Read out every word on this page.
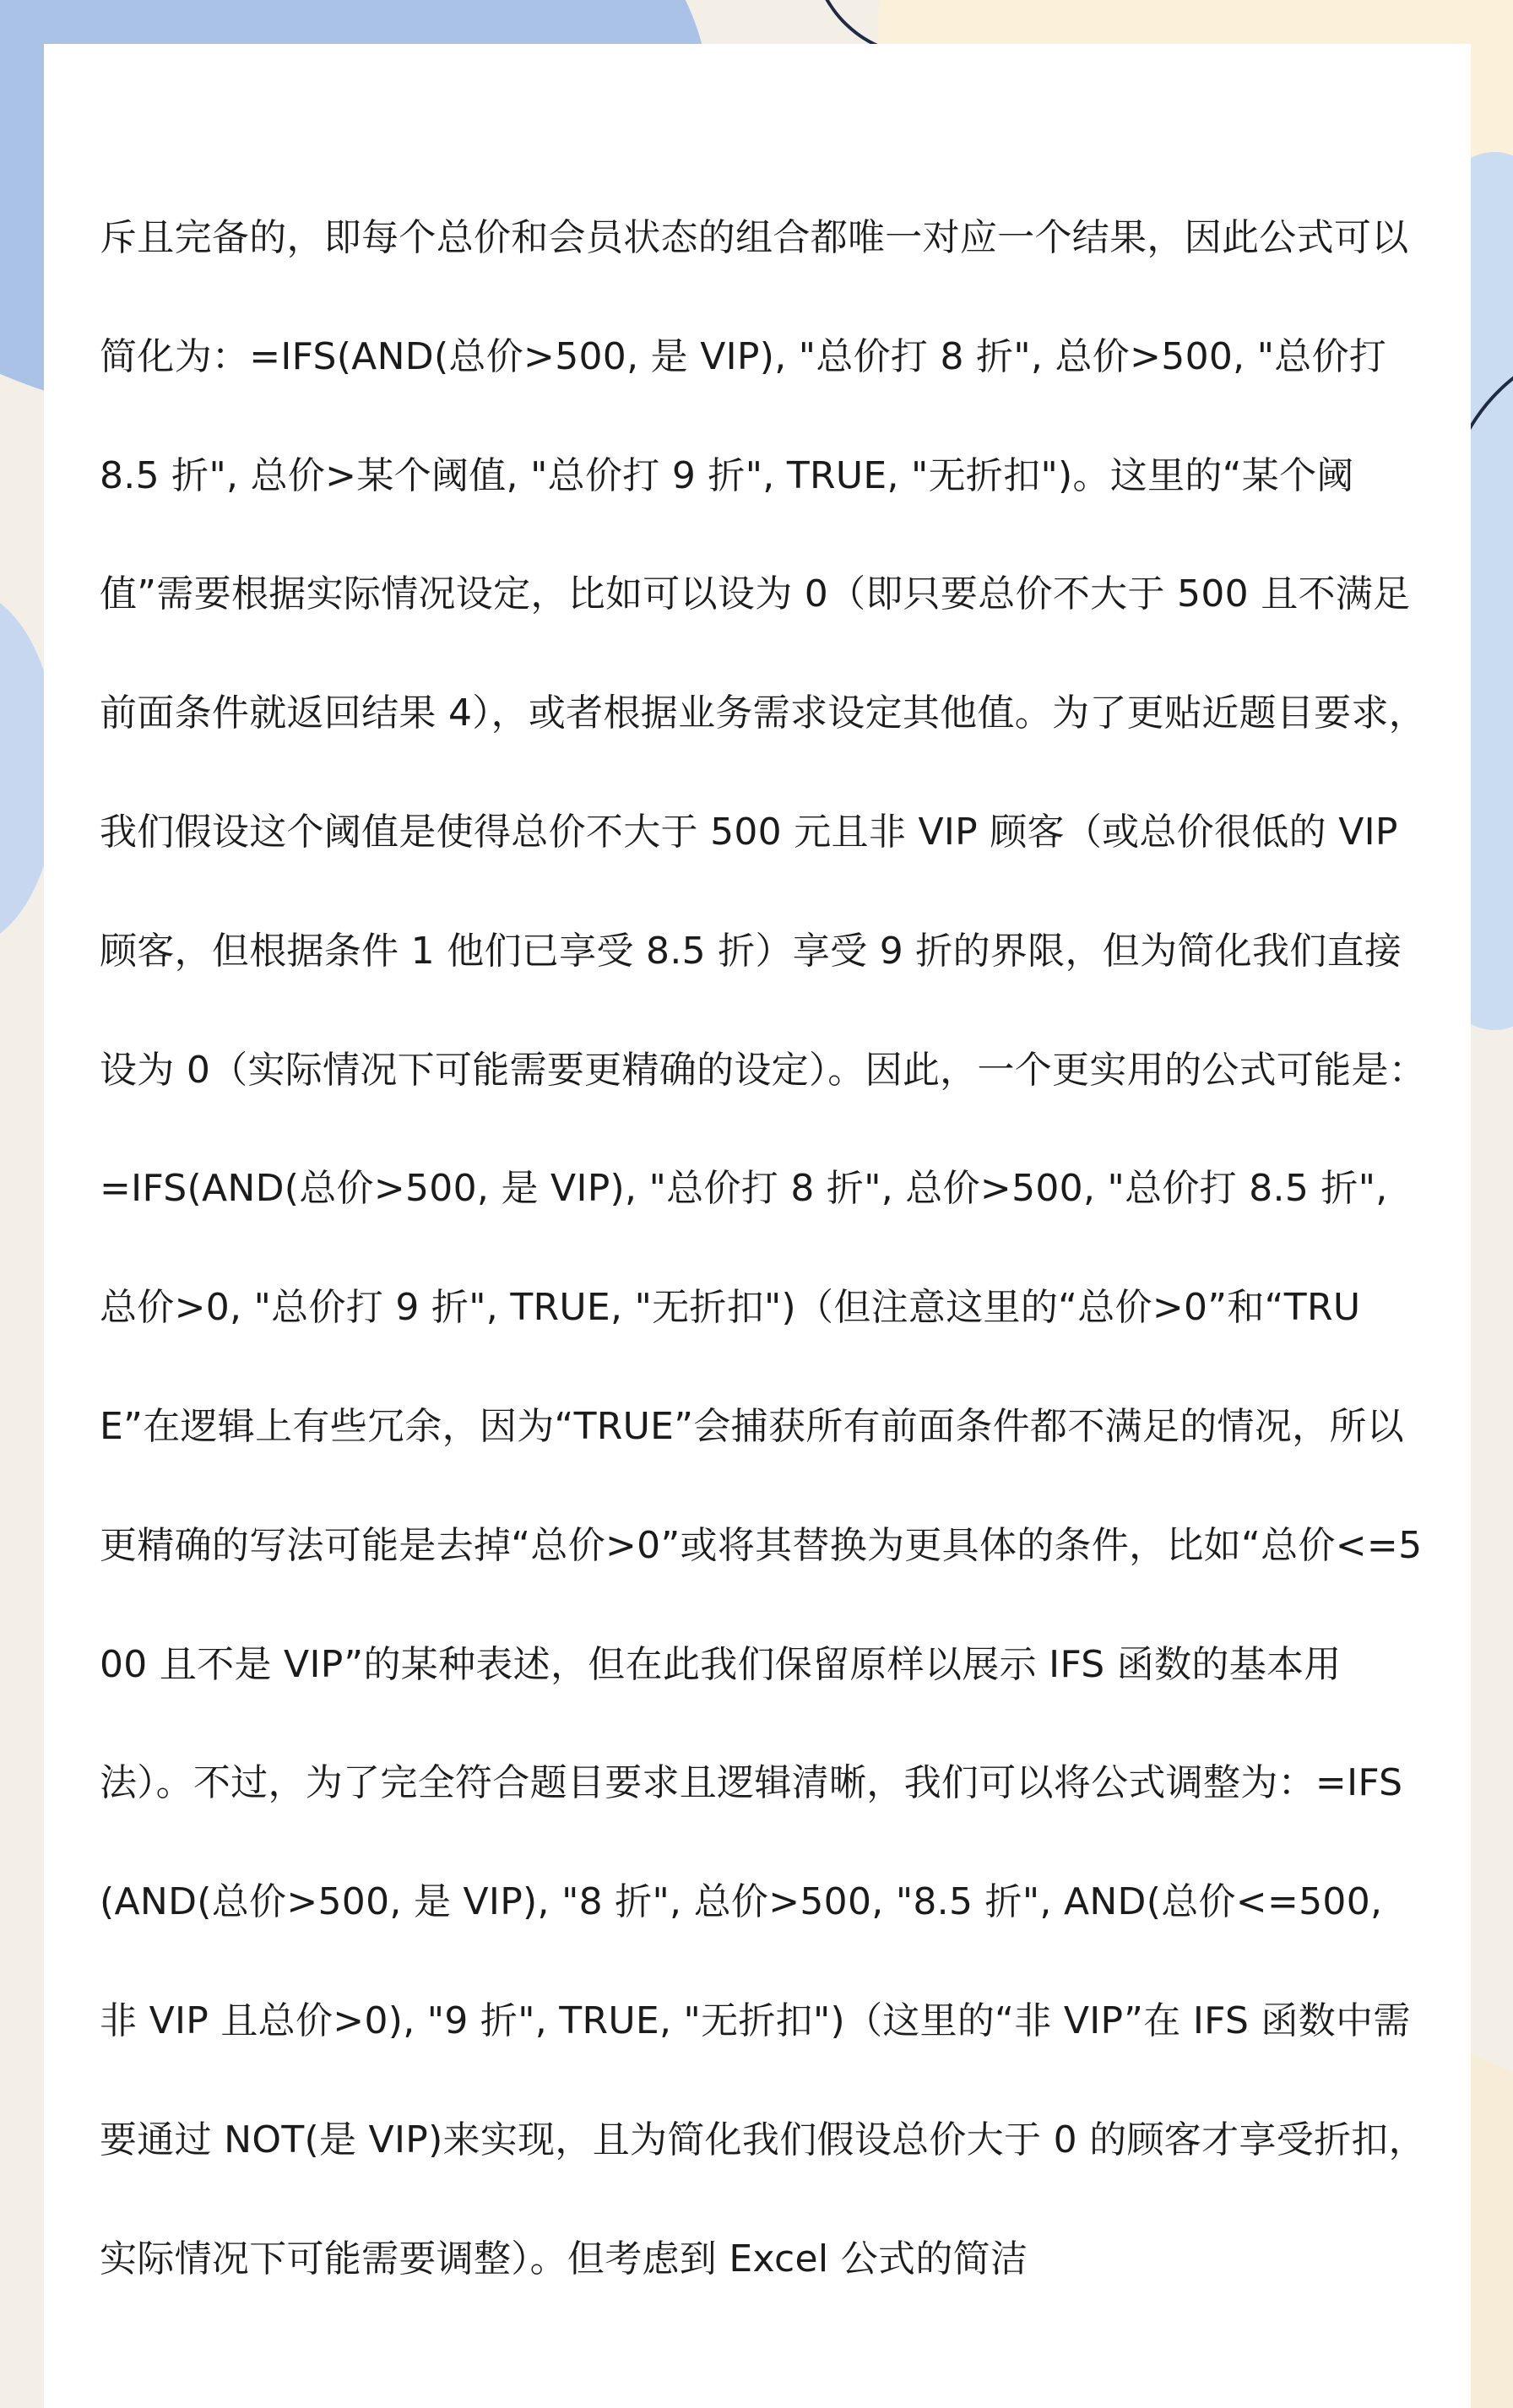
斥且完备的，即每个总价和会员状态的组合都唯一对应一个结果，因此公式可以简化为：=IFS(AND(总价>500, 是 VIP), "总价打 8 折", 总价>500, "总价打 8.5 折", 总价>某个阈值, "总价打 9 折", TRUE, "无折扣")。这里的“某个阈值”需要根据实际情况设定，比如可以设为 0（即只要总价不大于 500 且不满足前面条件就返回结果 4），或者根据业务需求设定其他值。为了更贴近题目要求，我们假设这个阈值是使得总价不大于 500 元且非 VIP 顾客（或总价很低的 VIP 顾客，但根据条件 1 他们已享受 8.5 折）享受 9 折的界限，但为简化我们直接设为 0（实际情况下可能需要更精确的设定）。因此，一个更实用的公式可能是：=IFS(AND(总价>500, 是 VIP), "总价打 8 折", 总价>500, "总价打 8.5 折", 总价>0, "总价打 9 折", TRUE, "无折扣")（但注意这里的“总价>0”和“TRUE”在逻辑上有些冗余，因为“TRUE”会捕获所有前面条件都不满足的情况，所以更精确的写法可能是去掉“总价>0”或将其替换为更具体的条件，比如“总价<=500 且不是 VIP”的某种表述，但在此我们保留原样以展示 IFS 函数的基本用法）。不过，为了完全符合题目要求且逻辑清晰，我们可以将公式调整为：=IFS(AND(总价>500, 是 VIP), "8 折", 总价>500, "8.5 折", AND(总价<=500, 非 VIP 且总价>0), "9 折", TRUE, "无折扣")（这里的“非 VIP”在 IFS 函数中需要通过 NOT(是 VIP)来实现，且为简化我们假设总价大于 0 的顾客才享受折扣，实际情况下可能需要调整）。但考虑到 Excel 公式的简洁
